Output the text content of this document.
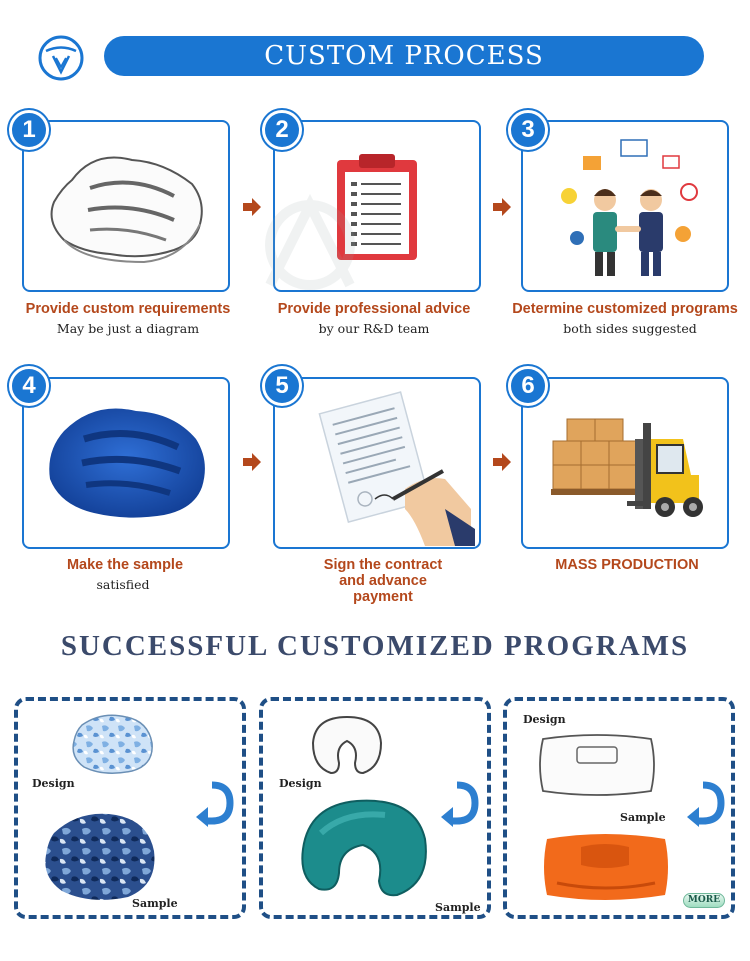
CUSTOM PROCESS
1
Provide custom requirements
May be just a diagram
2
Provide professional advice
by our R&D team
3
Determine customized programs
both sides suggested
4
Make the sample
satisfied
5
Sign the contract and advance payment
6
MASS PRODUCTION
SUCCESSFUL CUSTOMIZED PROGRAMS
Design
Sample
Design
Sample
Design
Sample
MORE
